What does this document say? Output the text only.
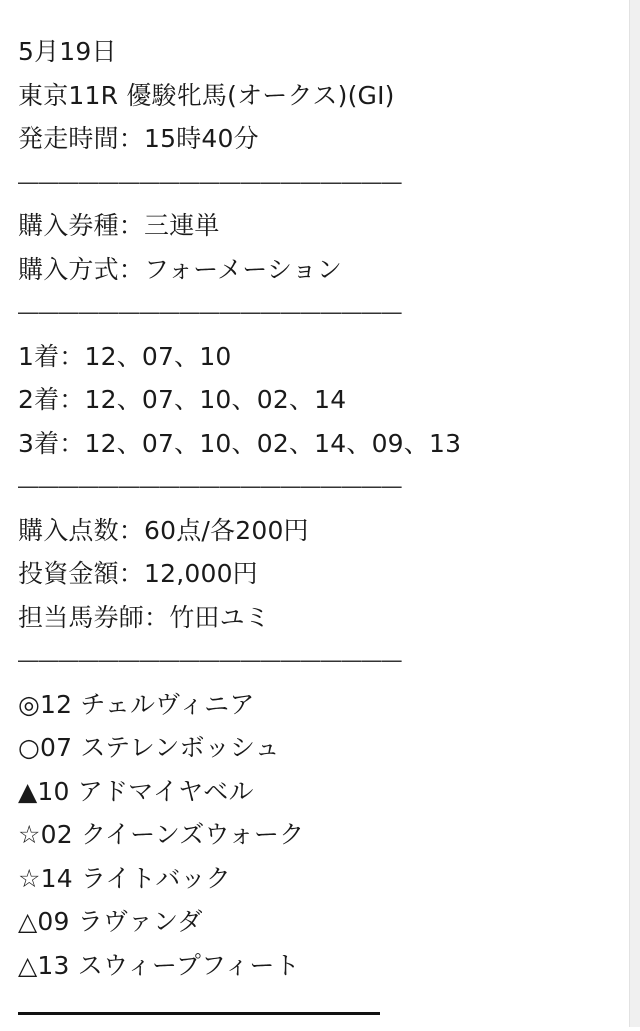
5月19日
東京11R 優駿牝馬(オークス)(GI)
発走時間：15時40分
―――――――――――――――――――
購入券種：三連単
購入方式：フォーメーション
―――――――――――――――――――
1着：12、07、10
2着：12、07、10、02、14
3着：12、07、10、02、14、09、13
―――――――――――――――――――
購入点数：60点/各200円
投資金額：12,000円
担当馬券師：竹田ユミ
―――――――――――――――――――
◎12 チェルヴィニア
○07 ステレンボッシュ
▲10 アドマイヤベル
☆02 クイーンズウォーク
☆14 ライトバック
△09 ラヴァンダ
△13 スウィープフィート
